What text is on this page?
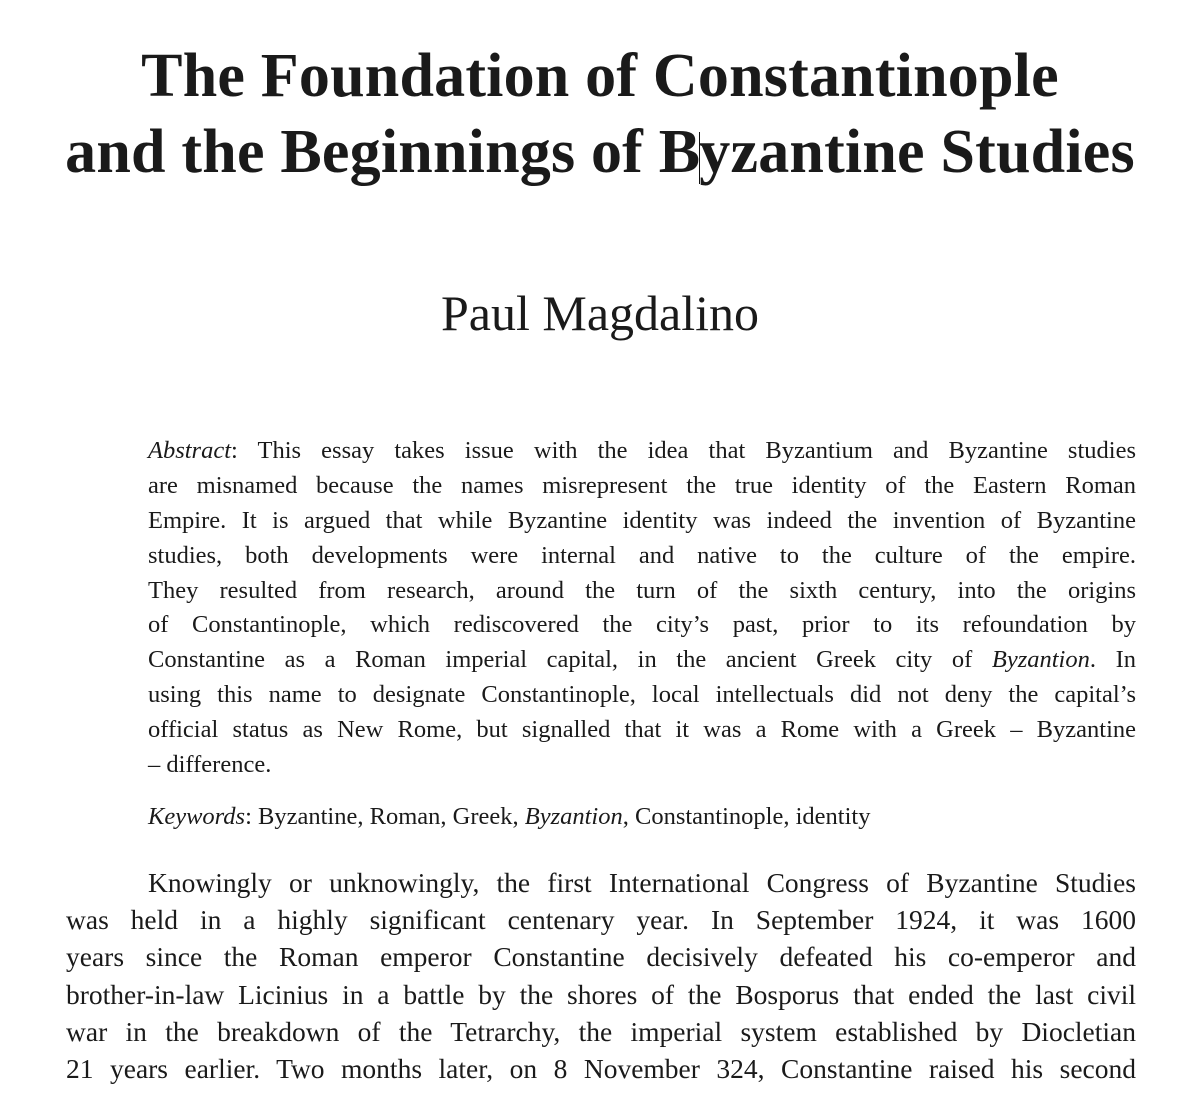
The Foundation of Constantinople
and the Beginnings of Byzantine Studies

Paul Magdalino

Abstract: This essay takes issue with the idea that Byzantium and Byzantine studies
are misnamed because the names misrepresent the true identity of the Eastern Roman
Empire. It is argued that while Byzantine identity was indeed the invention of Byzantine
studies, both developments were internal and native to the culture of the empire.
They resulted from research, around the turn of the sixth century, into the origins
of Constantinople, which rediscovered the city’s past, prior to its refoundation by
Constantine as a Roman imperial capital, in the ancient Greek city of Byzantion. In
using this name to designate Constantinople, local intellectuals did not deny the capital’s
official status as New Rome, but signalled that it was a Rome with a Greek – Byzantine
– difference.

Keywords: Byzantine, Roman, Greek, Byzantion, Constantinople, identity

Knowingly or unknowingly, the first International Congress of Byzantine Studies
was held in a highly significant centenary year. In September 1924, it was 1600
years since the Roman emperor Constantine decisively defeated his co-emperor and
brother-in-law Licinius in a battle by the shores of the Bosporus that ended the last civil
war in the breakdown of the Tetrarchy, the imperial system established by Diocletian
21 years earlier. Two months later, on 8 November 324, Constantine raised his second
